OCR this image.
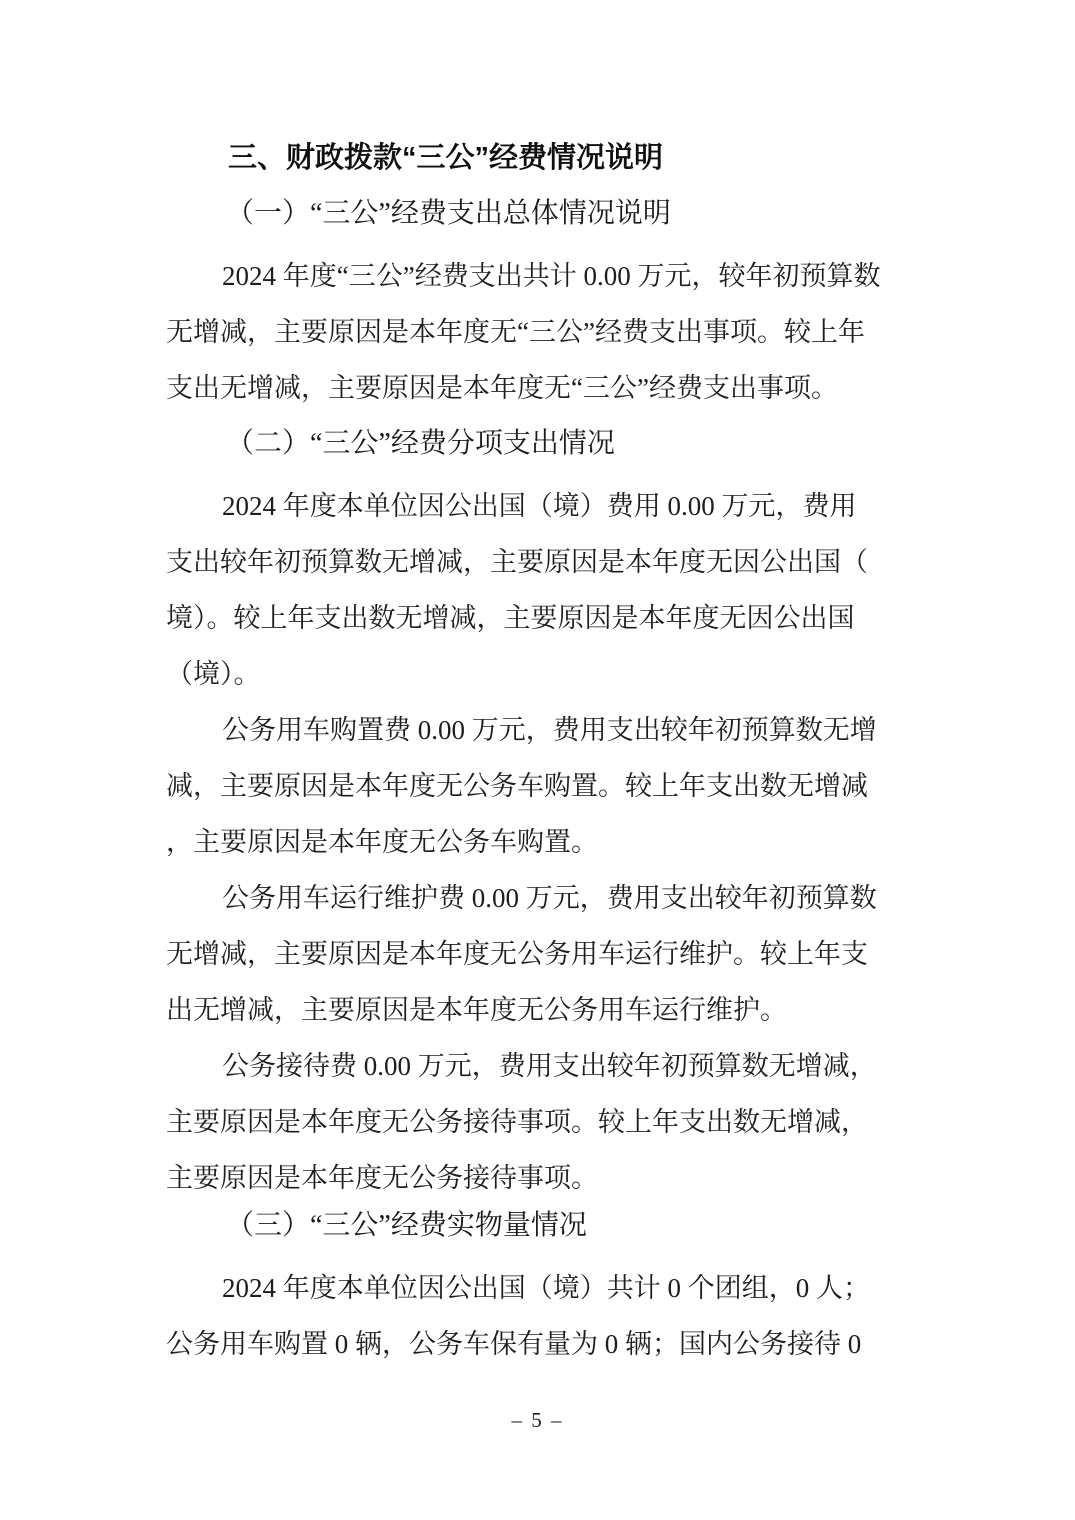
三、财政拨款“三公”经费情况说明
（一）“三公”经费支出总体情况说明
2024 年度“三公”经费支出共计 0.00 万元，较年初预算数
无增减，主要原因是本年度无“三公”经费支出事项。较上年
支出无增减，主要原因是本年度无“三公”经费支出事项。
（二）“三公”经费分项支出情况
2024 年度本单位因公出国（境）费用 0.00 万元，费用
支出较年初预算数无增减，主要原因是本年度无因公出国（
境）。较上年支出数无增减，主要原因是本年度无因公出国
（境）。
公务用车购置费 0.00 万元，费用支出较年初预算数无增
减，主要原因是本年度无公务车购置。较上年支出数无增减
，主要原因是本年度无公务车购置。
公务用车运行维护费 0.00 万元，费用支出较年初预算数
无增减，主要原因是本年度无公务用车运行维护。较上年支
出无增减，主要原因是本年度无公务用车运行维护。
公务接待费 0.00 万元，费用支出较年初预算数无增减，
主要原因是本年度无公务接待事项。较上年支出数无增减，
主要原因是本年度无公务接待事项。
（三）“三公”经费实物量情况
2024 年度本单位因公出国（境）共计 0 个团组，0 人；
公务用车购置 0 辆，公务车保有量为 0 辆；国内公务接待 0
– 5 –
